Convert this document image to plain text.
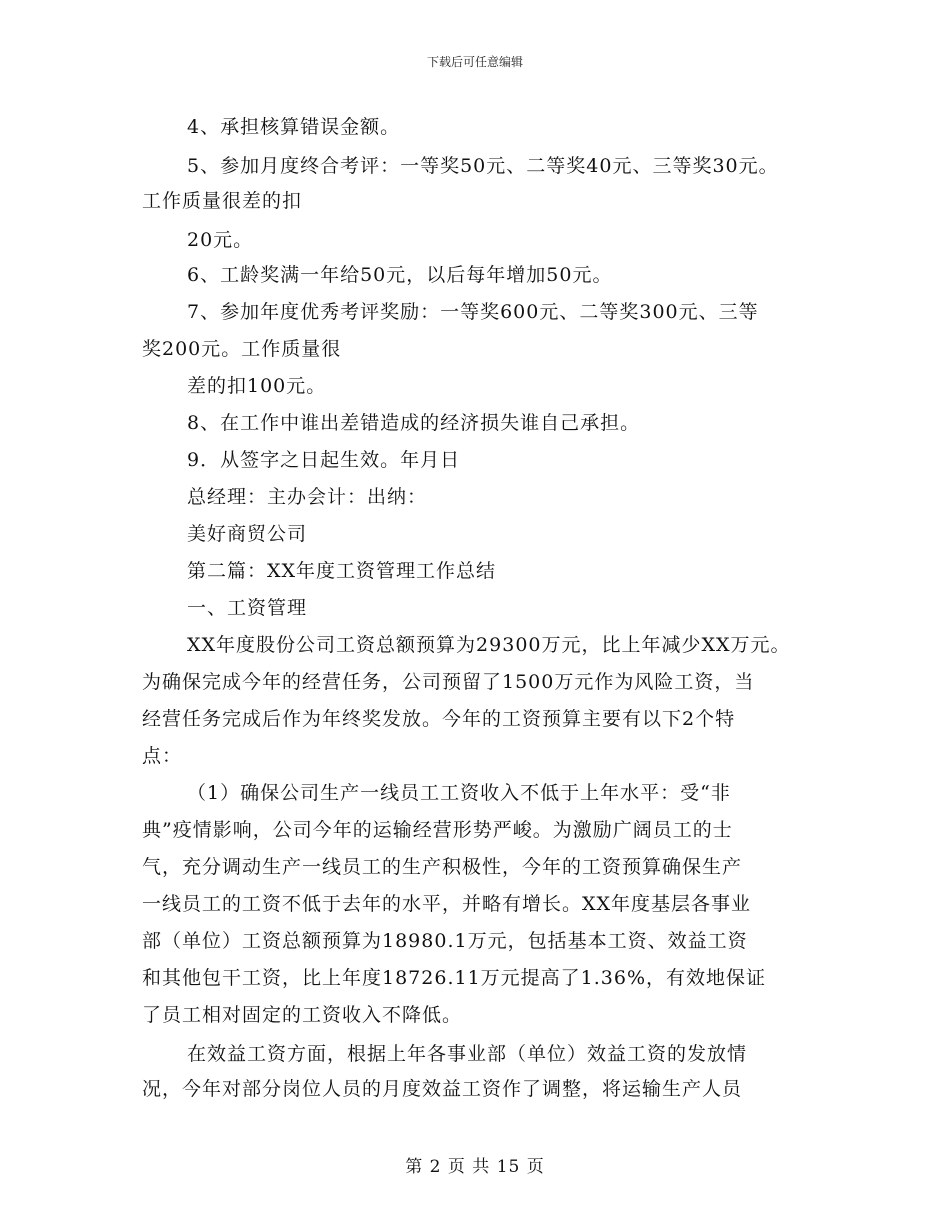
下载后可任意编辑
4、承担核算错误金额。
5、参加月度终合考评：一等奖50元、二等奖40元、三等奖30元。
工作质量很差的扣
20元。
6、工龄奖满一年给50元，以后每年增加50元。
7、参加年度优秀考评奖励：一等奖600元、二等奖300元、三等
奖200元。工作质量很
差的扣100元。
8、在工作中谁出差错造成的经济损失谁自己承担。
9．从签字之日起生效。年月日
总经理：主办会计：出纳：
美好商贸公司
第二篇：XX年度工资管理工作总结
一、工资管理
XX年度股份公司工资总额预算为29300万元，比上年减少XX万元。
为确保完成今年的经营任务，公司预留了1500万元作为风险工资，当
经营任务完成后作为年终奖发放。今年的工资预算主要有以下2个特
点：
（1）确保公司生产一线员工工资收入不低于上年水平：受“非
典”疫情影响，公司今年的运输经营形势严峻。为激励广阔员工的士
气，充分调动生产一线员工的生产积极性，今年的工资预算确保生产
一线员工的工资不低于去年的水平，并略有增长。XX年度基层各事业
部（单位）工资总额预算为18980.1万元，包括基本工资、效益工资
和其他包干工资，比上年度18726.11万元提高了1.36%，有效地保证
了员工相对固定的工资收入不降低。
在效益工资方面，根据上年各事业部（单位）效益工资的发放情
况，今年对部分岗位人员的月度效益工资作了调整，将运输生产人员
第 2 页 共 15 页
